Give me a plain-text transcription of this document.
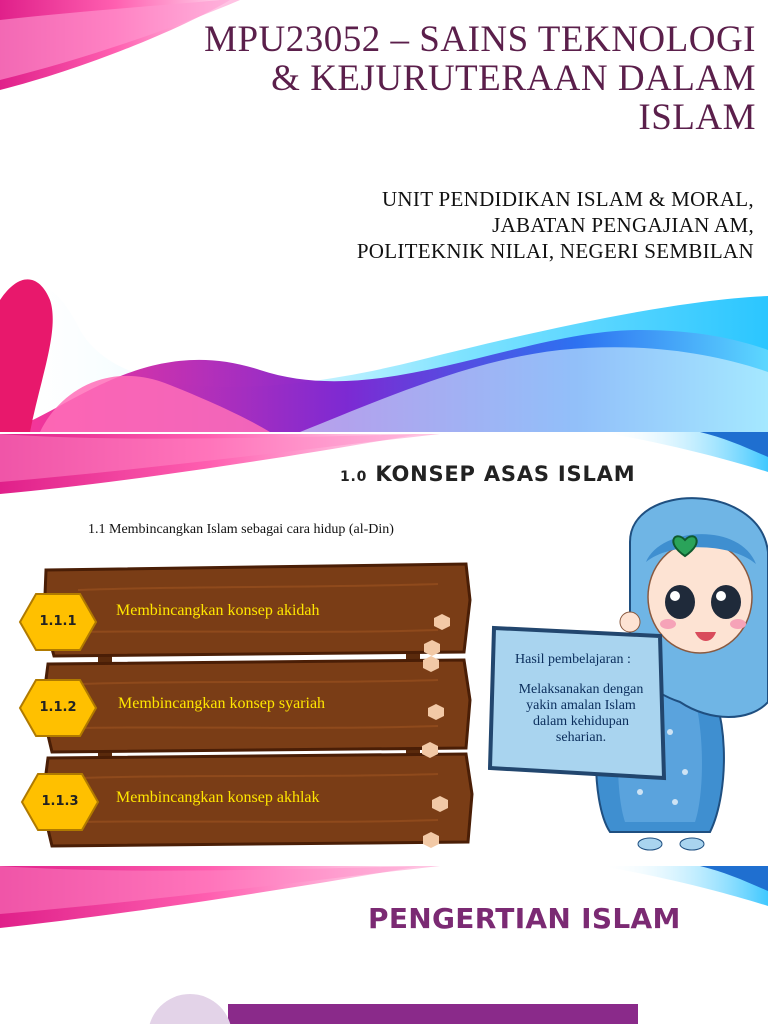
MPU23052 – SAINS TEKNOLOGI
& KEJURUTERAAN DALAM
ISLAM
UNIT PENDIDIKAN ISLAM & MORAL,
JABATAN PENGAJIAN AM,
POLITEKNIK NILAI, NEGERI SEMBILAN
1.0 KONSEP ASAS ISLAM
1.1 Membincangkan Islam sebagai cara hidup (al-Din)
1.1.1
Membincangkan konsep akidah
1.1.2	Membincangkan konsep syariah
1.1.3	Membincangkan konsep akhlak
Hasil pembelajaran :
Melaksanakan dengan
yakin amalan Islam
dalam kehidupan
seharian.
PENGERTIAN ISLAM
